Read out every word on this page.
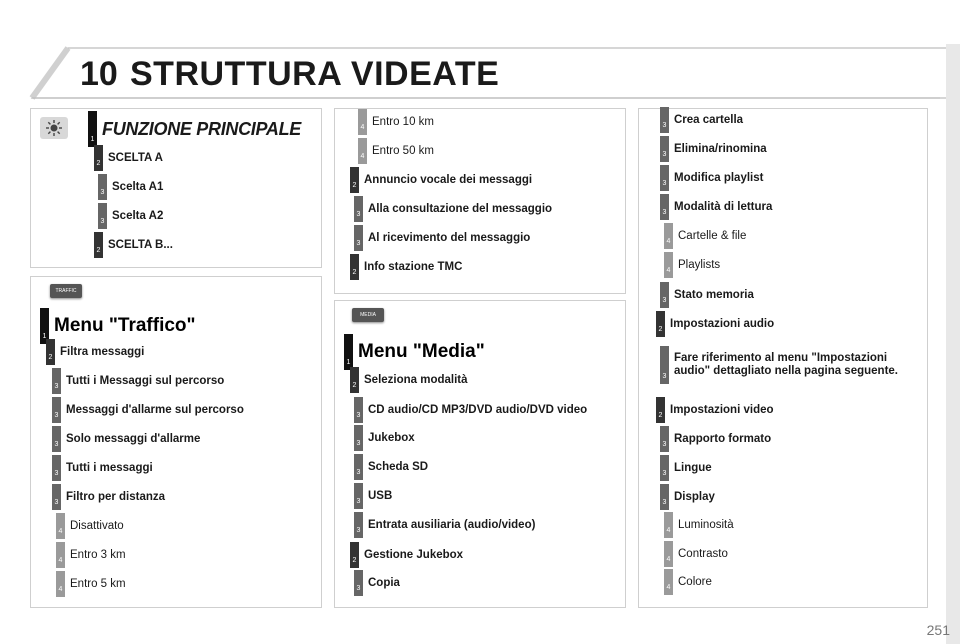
10 STRUTTURA VIDEATE
1
FUNZIONE PRINCIPALE
2 SCELTA A
3 Scelta A1
3 Scelta A2
2 SCELTA B...
TRAFFIC
1
Menu "Traffico"
2 Filtra messaggi
3 Tutti i Messaggi sul percorso
3 Messaggi d'allarme sul percorso
3 Solo messaggi d'allarme
3 Tutti i messaggi
3 Filtro per distanza
4 Disattivato
4 Entro 3 km
4 Entro 5 km
4 Entro 10 km
4 Entro 50 km
2 Annuncio vocale dei messaggi
3 Alla consultazione del messaggio
3 Al ricevimento del messaggio
2 Info stazione TMC
MEDIA
1
Menu "Media"
2 Seleziona modalità
3 CD audio/CD MP3/DVD audio/DVD video
3 Jukebox
3 Scheda SD
3 USB
3 Entrata ausiliaria (audio/video)
2 Gestione Jukebox
3 Copia
3 Crea cartella
3 Elimina/rinomina
3 Modifica playlist
3 Modalità di lettura
4 Cartelle & file
4 Playlists
3 Stato memoria
2 Impostazioni audio
3
Fare riferimento al menu "Impostazioni audio" dettagliato nella pagina seguente.
2 Impostazioni video
3 Rapporto formato
3 Lingue
3 Display
4 Luminosità
4 Contrasto
4 Colore
251
